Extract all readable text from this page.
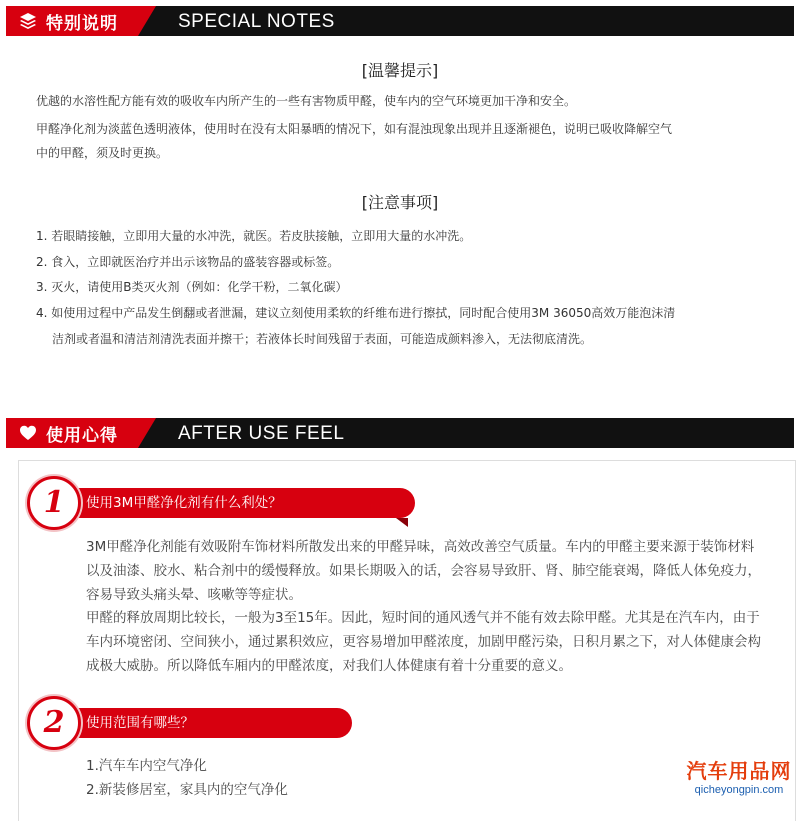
特别说明	SPECIAL NOTES
[温馨提示]
优越的水溶性配方能有效的吸收车内所产生的一些有害物质甲醛，使车内的空气环境更加干净和安全。
甲醛净化剂为淡蓝色透明液体，使用时在没有太阳暴晒的情况下，如有混浊现象出现并且逐渐褪色，说明已吸收降解空气
中的甲醛，须及时更换。
[注意事项]
1. 若眼睛接触，立即用大量的水冲洗，就医。若皮肤接触，立即用大量的水冲洗。
2. 食入，立即就医治疗并出示该物品的盛装容器或标签。
3. 灭火，请使用B类灭火剂（例如：化学干粉，二氧化碳）
4. 如使用过程中产品发生倒翻或者泄漏，建议立刻使用柔软的纤维布进行擦拭，同时配合使用3M 36050高效万能泡沫清
洁剂或者温和清洁剂清洗表面并擦干；若液体长时间残留于表面，可能造成颜料渗入，无法彻底清洗。
使用心得	AFTER USE FEEL
使用3M甲醛净化剂有什么利处？
1
3M甲醛净化剂能有效吸附车饰材料所散发出来的甲醛异味，高效改善空气质量。车内的甲醛主要来源于装饰材料
以及油漆、胶水、粘合剂中的缓慢释放。如果长期吸入的话，会容易导致肝、肾、肺空能衰竭，降低人体免疫力，
容易导致头痛头晕、咳嗽等等症状。
甲醛的释放周期比较长，一般为3至15年。因此，短时间的通风透气并不能有效去除甲醛。尤其是在汽车内，由于
车内环境密闭、空间狭小，通过累积效应，更容易增加甲醛浓度，加剧甲醛污染，日积月累之下，对人体健康会构
成极大威胁。所以降低车厢内的甲醛浓度，对我们人体健康有着十分重要的意义。
使用范围有哪些？
2
1.汽车车内空气净化
2.新装修居室，家具内的空气净化
汽车用品网
qicheyongpin.com
